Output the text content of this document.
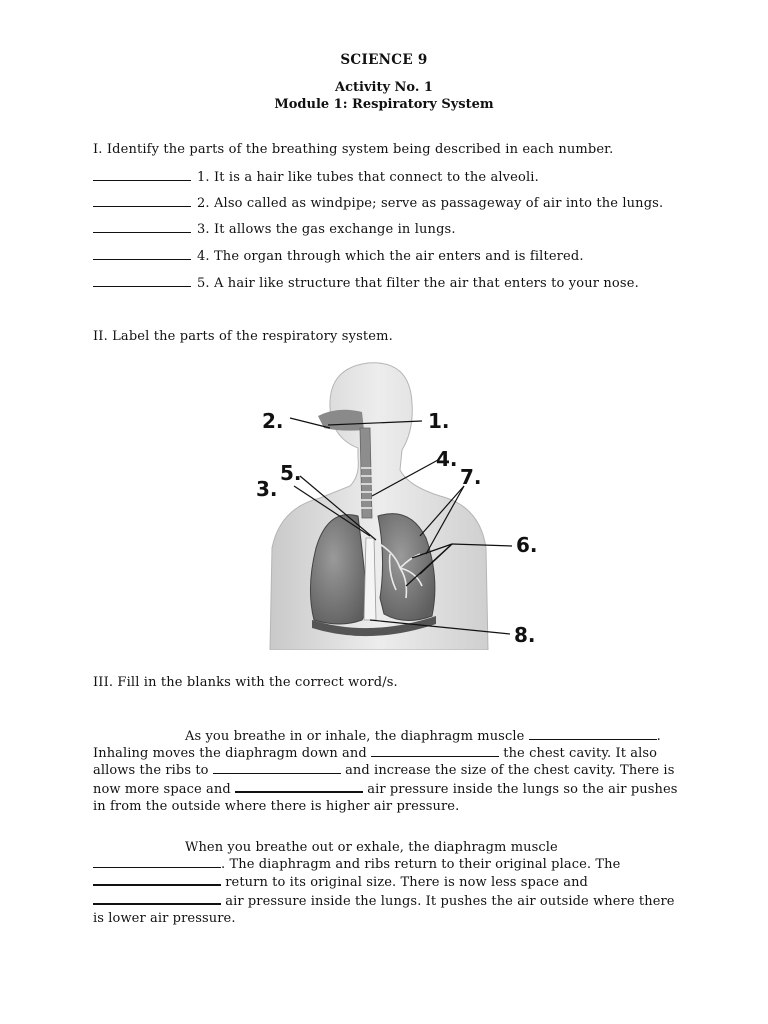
SCIENCE 9
Activity No. 1
Module 1: Respiratory System
I. Identify the parts of the breathing system being described in each number.
1. It is a hair like tubes that connect to the alveoli.
2. Also called as windpipe; serve as passageway of air into the lungs.
3. It allows the gas exchange in lungs.
4. The organ through which the air enters and is filtered.
5. A hair like structure that filter the air that enters to your nose.
II. Label the parts of the respiratory system.
1.
2.
3.
4.
5.
6.
7.
8.
III. Fill in the blanks with the correct word/s.
As you breathe in or inhale, the diaphragm muscle	. Inhaling moves the diaphragm down and	the chest cavity. It also allows the ribs to	and increase the size of the chest cavity. There is now more space and	air pressure inside the lungs so the air pushes in from the outside where there is higher air pressure.
When you breathe out or exhale, the diaphragm muscle . The diaphragm and ribs return to their original place. The  return to its original size. There is now less space and  air pressure inside the lungs. It pushes the air outside where there is lower air pressure.
